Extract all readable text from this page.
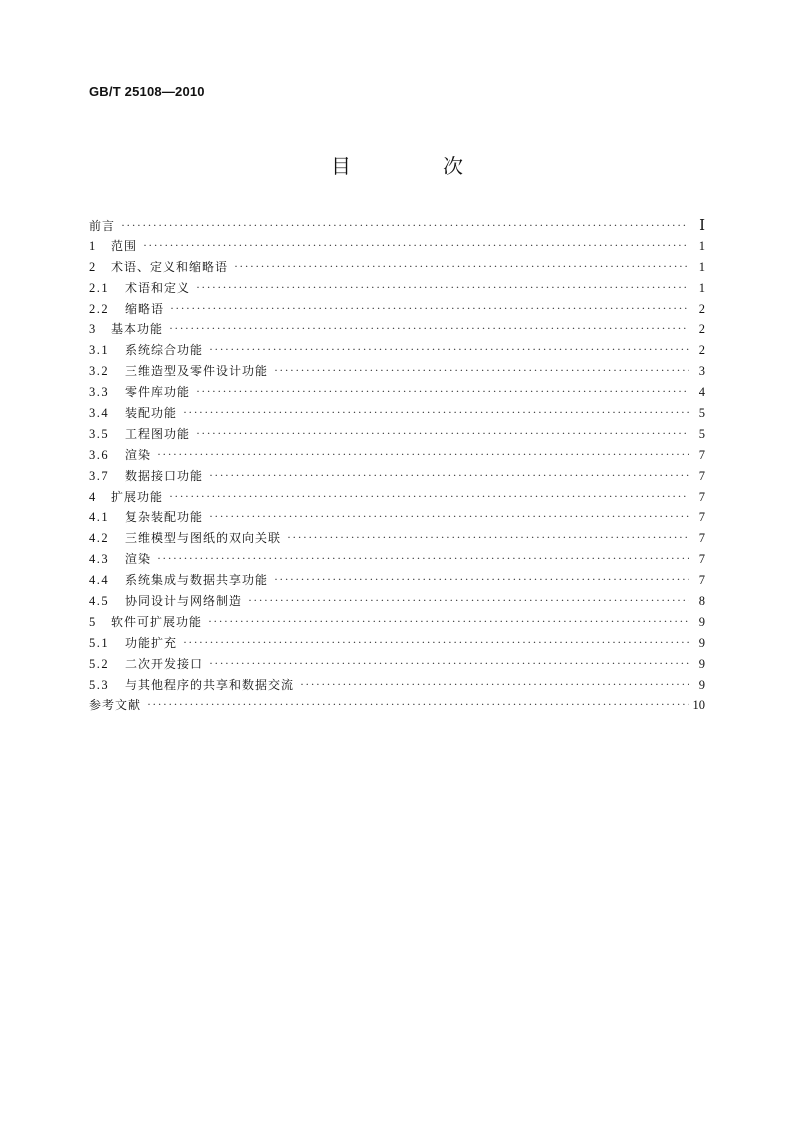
GB/T 25108—2010
目　次
前言 ·····	Ⅰ
1	范围 ·····	1
2	术语、定义和缩略语 ·····	1
2.1	术语和定义 ·····	1
2.2	缩略语 ·····	2
3	基本功能 ·····	2
3.1	系统综合功能 ·····	2
3.2	三维造型及零件设计功能 ·····	3
3.3	零件库功能 ·····	4
3.4	装配功能 ·····	5
3.5	工程图功能 ·····	5
3.6	渲染 ·····	7
3.7	数据接口功能 ·····	7
4	扩展功能 ·····	7
4.1	复杂装配功能 ·····	7
4.2	三维模型与图纸的双向关联 ·····	7
4.3	渲染 ·····	7
4.4	系统集成与数据共享功能 ·····	7
4.5	协同设计与网络制造 ·····	8
5	软件可扩展功能 ·····	9
5.1	功能扩充 ·····	9
5.2	二次开发接口 ·····	9
5.3	与其他程序的共享和数据交流 ·····	9
参考文献 ·····	10
